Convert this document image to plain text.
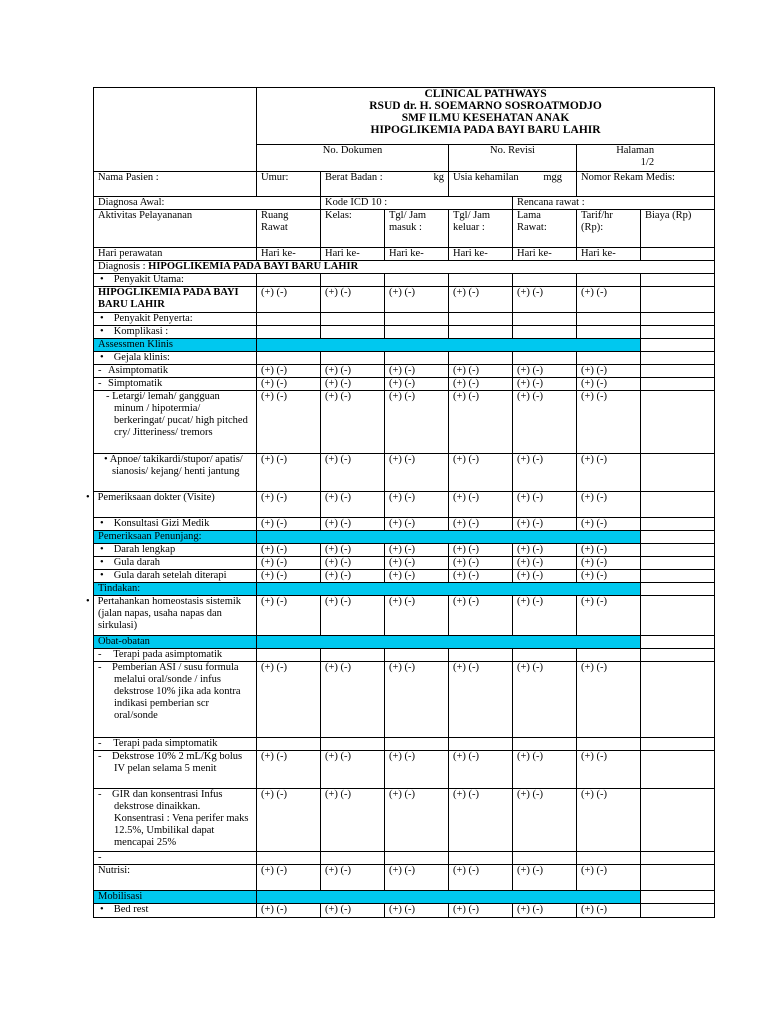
	CLINICAL PATHWAYS
RSUD dr. H. SOEMARNO SOSROATMODJO
SMF ILMU KESEHATAN ANAK
HIPOGLIKEMIA PADA BAYI BARU LAHIR						

	No. Dokumen			No. Revisi		Halaman
1/2	

Nama Pasien :	Umur:	Berat Badan : kg		Usia kehamilan mgg		Nomor Rekam Medis:	
Diagnosa Awal:		Kode ICD 10 :			Rencana rawat :		
Aktivitas Pelayananan	Ruang Rawat	Kelas:	Tgl/ Jam masuk :	Tgl/ Jam keluar :	Lama Rawat:	Tarif/hr (Rp):	Biaya (Rp)
Hari perawatan	Hari ke-	Hari ke-	Hari ke-	Hari ke-	Hari ke-	Hari ke-	
Diagnosis : HIPOGLIKEMIA PADA BAYI BARU LAHIR							
• Penyakit Utama:							
HIPOGLIKEMIA PADA BAYI BARU LAHIR	(+) (-)	(+) (-)	(+) (-)	(+) (-)	(+) (-)	(+) (-)	
• Penyakit Penyerta:							
• Komplikasi :							
Assessmen Klinis							
• Gejala klinis:							
- Asimptomatik	(+) (-)	(+) (-)	(+) (-)	(+) (-)	(+) (-)	(+) (-)	
- Simptomatik	(+) (-)	(+) (-)	(+) (-)	(+) (-)	(+) (-)	(+) (-)	
- Letargi/ lemah/ gangguan minum / hipotermia/ berkeringat/ pucat/ high pitched cry/ Jitteriness/ tremors	(+) (-)	(+) (-)	(+) (-)	(+) (-)	(+) (-)	(+) (-)	
• Apnoe/ takikardi/stupor/ apatis/ sianosis/ kejang/ henti jantung	(+) (-)	(+) (-)	(+) (-)	(+) (-)	(+) (-)	(+) (-)	
•   Pemeriksaan dokter (Visite)	(+) (-)	(+) (-)	(+) (-)	(+) (-)	(+) (-)	(+) (-)	
• Konsultasi Gizi Medik	(+) (-)	(+) (-)	(+) (-)	(+) (-)	(+) (-)	(+) (-)	
Pemeriksaan Penunjang:							
• Darah lengkap	(+) (-)	(+) (-)	(+) (-)	(+) (-)	(+) (-)	(+) (-)	
• Gula darah	(+) (-)	(+) (-)	(+) (-)	(+) (-)	(+) (-)	(+) (-)	
• Gula darah setelah diterapi	(+) (-)	(+) (-)	(+) (-)	(+) (-)	(+) (-)	(+) (-)	
Tindakan:							
•   Pertahankan homeostasis sistemik (jalan napas, usaha napas dan sirkulasi)	(+) (-)	(+) (-)	(+) (-)	(+) (-)	(+) (-)	(+) (-)	
Obat-obatan							
- Terapi pada asimptomatik							
-    Pemberian ASI / susu formula melalui oral/sonde / infus dekstrose 10% jika ada kontra indikasi pemberian scr oral/sonde	(+) (-)	(+) (-)	(+) (-)	(+) (-)	(+) (-)	(+) (-)	
- Terapi pada simptomatik							
-    Dekstrose 10% 2 mL/Kg bolus IV pelan selama 5 menit	(+) (-)	(+) (-)	(+) (-)	(+) (-)	(+) (-)	(+) (-)	
-    GIR dan konsentrasi Infus dekstrose dinaikkan. Konsentrasi : Vena perifer maks 12.5%, Umbilikal dapat mencapai 25%	(+) (-)	(+) (-)	(+) (-)	(+) (-)	(+) (-)	(+) (-)	
-							
Nutrisi:	(+) (-)	(+) (-)	(+) (-)	(+) (-)	(+) (-)	(+) (-)	
Mobilisasi							
• Bed rest	(+) (-)	(+) (-)	(+) (-)	(+) (-)	(+) (-)	(+) (-)	
